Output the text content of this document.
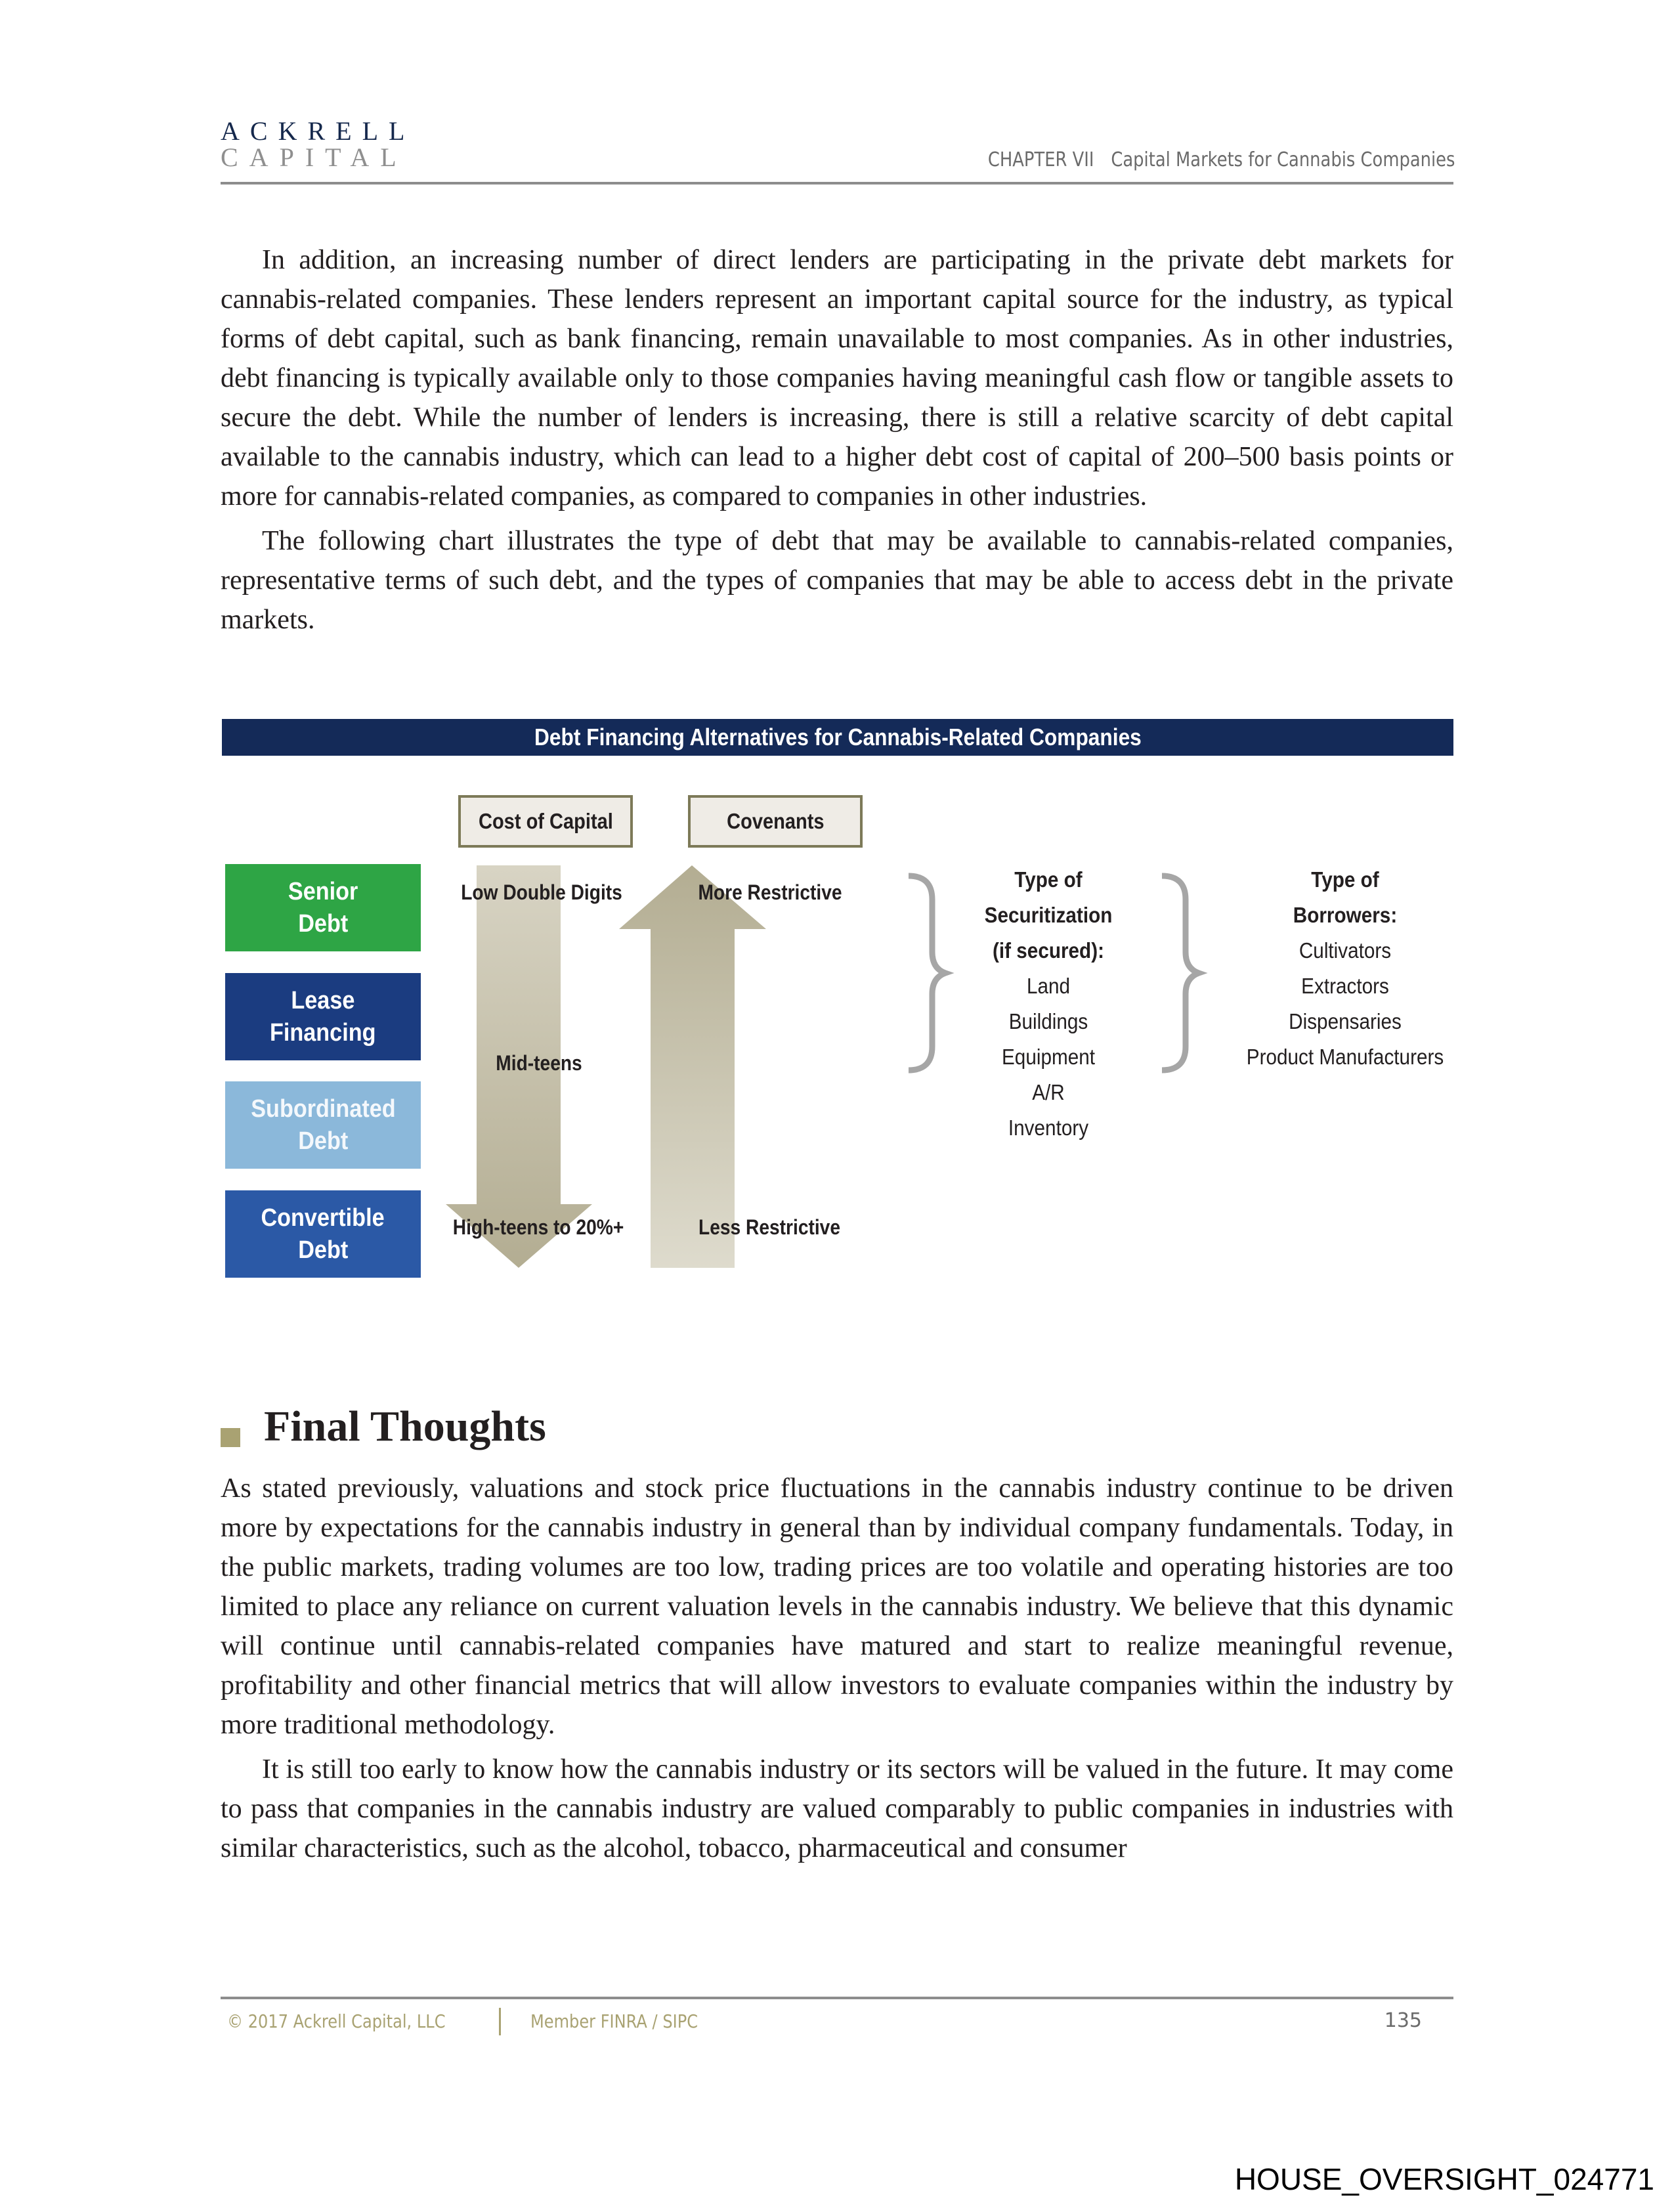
ACKRELL
CAPITAL	CHAPTER VII Capital Markets for Cannabis Companies

In addition, an increasing number of direct lenders are participating in the private debt markets for cannabis-related companies. These lenders represent an important capital source for the industry, as typical forms of debt capital, such as bank financing, remain unavailable to most companies. As in other industries, debt financing is typically available only to those companies having meaningful cash flow or tangible assets to secure the debt. While the number of lenders is increasing, there is still a relative scarcity of debt capital available to the cannabis industry, which can lead to a higher debt cost of capital of 200–500 basis points or more for cannabis-related companies, as compared to companies in other industries.

The following chart illustrates the type of debt that may be available to cannabis-related companies, representative terms of such debt, and the types of companies that may be able to access debt in the private markets.

Debt Financing Alternatives for Cannabis-Related Companies
Cost of Capital	Covenants
Senior
Debt
Lease
Financing
Subordinated
Debt
Convertible
Debt
Low Double Digits
Mid-teens
High-teens to 20%+
More Restrictive
Less Restrictive
Type of
Securitization
(if secured):
Land
Buildings
Equipment
A/R
Inventory
Type of
Borrowers:
Cultivators
Extractors
Dispensaries
Product Manufacturers
Final Thoughts

As stated previously, valuations and stock price fluctuations in the cannabis industry continue to be driven more by expectations for the cannabis industry in general than by individual company fundamentals. Today, in the public markets, trading volumes are too low, trading prices are too volatile and operating histories are too limited to place any reliance on current valuation levels in the cannabis industry. We believe that this dynamic will continue until cannabis-related companies have matured and start to realize meaningful revenue, profitability and other financial metrics that will allow investors to evaluate companies within the industry by more traditional methodology.

It is still too early to know how the cannabis industry or its sectors will be valued in the future. It may come to pass that companies in the cannabis industry are valued comparably to public companies in industries with similar characteristics, such as the alcohol, tobacco, pharmaceutical and consumer

© 2017 Ackrell Capital, LLC	Member FINRA / SIPC	135
HOUSE_OVERSIGHT_024771
